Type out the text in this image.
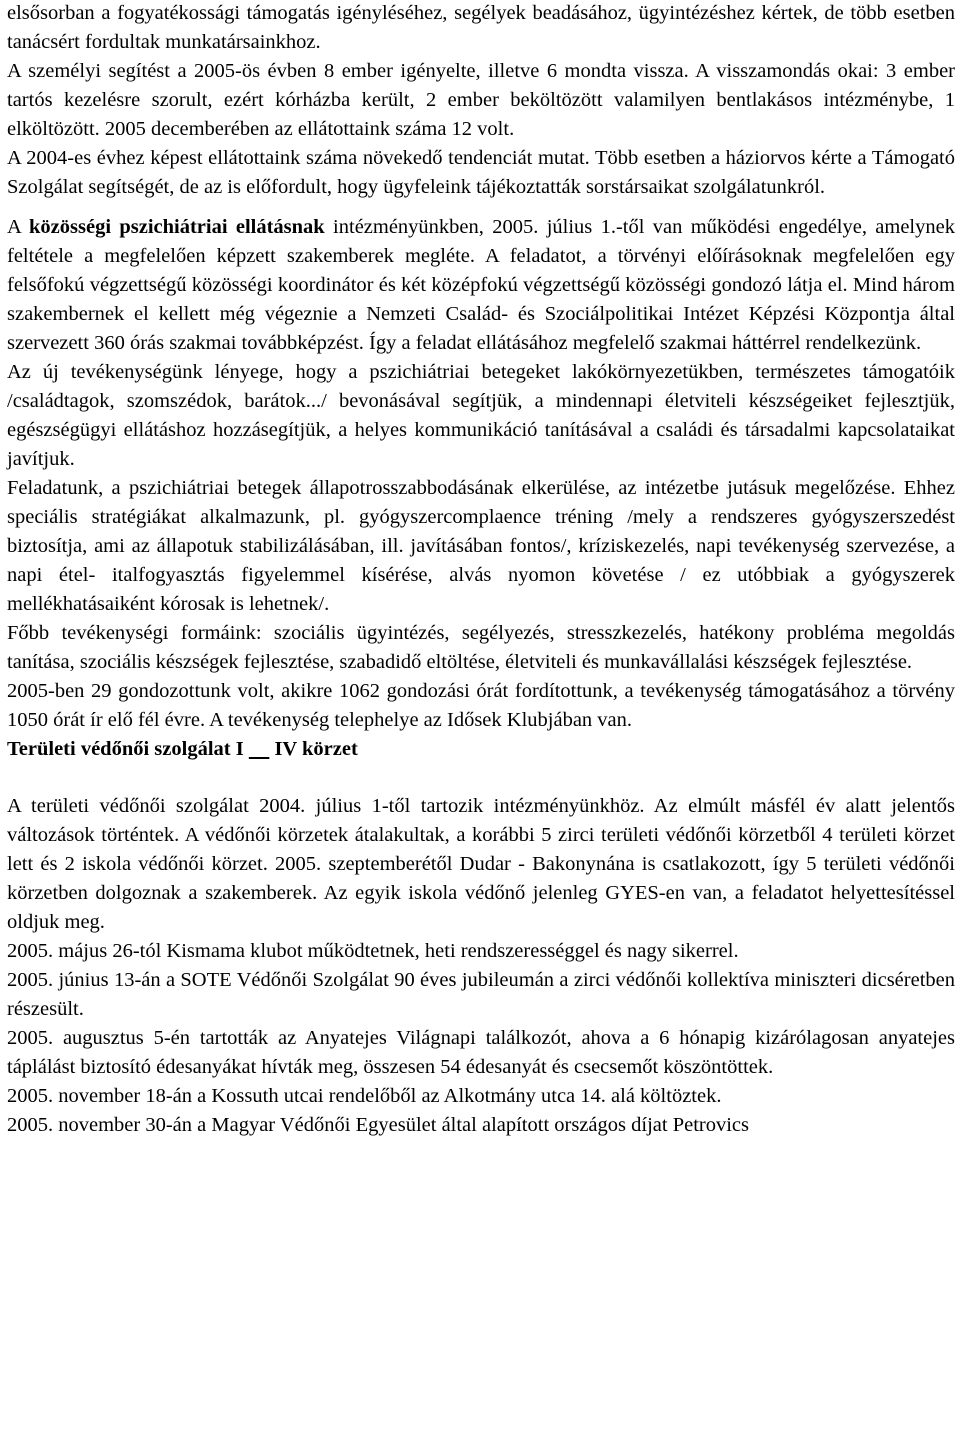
elsősorban a fogyatékossági támogatás igényléséhez, segélyek beadásához, ügyintézéshez kértek, de több esetben tanácsért fordultak munkatársainkhoz.

A személyi segítést a 2005-ös évben 8 ember igényelte, illetve 6 mondta vissza. A visszamondás okai: 3 ember tartós kezelésre szorult, ezért kórházba került, 2 ember beköltözött valamilyen bentlakásos intézménybe, 1 elköltözött. 2005 decemberében az ellátottaink száma 12 volt.

A 2004-es évhez képest ellátottaink száma növekedő tendenciát mutat. Több esetben a háziorvos kérte a Támogató Szolgálat segítségét, de az is előfordult, hogy ügyfeleink tájékoztatták sorstársaikat szolgálatunkról.

A közösségi pszichiátriai ellátásnak intézményünkben, 2005. július 1.-től van működési engedélye, amelynek feltétele a megfelelően képzett szakemberek megléte. A feladatot, a törvényi előírásoknak megfelelően egy felsőfokú végzettségű közösségi koordinátor és két középfokú végzettségű közösségi gondozó látja el. Mind három szakembernek el kellett még végeznie a Nemzeti Család- és Szociálpolitikai Intézet Képzési Központja által szervezett 360 órás szakmai továbbképzést. Így a feladat ellátásához megfelelő szakmai háttérrel rendelkezünk.

Az új tevékenységünk lényege, hogy a pszichiátriai betegeket lakókörnyezetükben, természetes támogatóik /családtagok, szomszédok, barátok.../ bevonásával segítjük, a mindennapi életviteli készségeiket fejlesztjük, egészségügyi ellátáshoz hozzásegítjük, a helyes kommunikáció tanításával a családi és társadalmi kapcsolataikat javítjuk.

Feladatunk, a pszichiátriai betegek állapotrosszabbodásának elkerülése, az intézetbe jutásuk megelőzése. Ehhez speciális stratégiákat alkalmazunk, pl. gyógyszercomplaence tréning /mely a rendszeres gyógyszerszedést biztosítja, ami az állapotuk stabilizálásában, ill. javításában fontos/, kríziskezelés, napi tevékenység szervezése, a napi étel- italfogyasztás figyelemmel kísérése, alvás nyomon követése / ez utóbbiak a gyógyszerek mellékhatásaiként kórosak is lehetnek/.

Főbb tevékenységi formáink: szociális ügyintézés, segélyezés, stresszkezelés, hatékony probléma megoldás tanítása, szociális készségek fejlesztése, szabadidő eltöltése, életviteli és munkavállalási készségek fejlesztése.

2005-ben 29 gondozottunk volt, akikre 1062 gondozási órát fordítottunk, a tevékenység támogatásához a törvény 1050 órát ír elő fél évre. A tevékenység telephelye az Idősek Klubjában van.

Területi védőnői szolgálat I      IV körzet

A területi védőnői szolgálat 2004. július 1-től tartozik intézményünkhöz. Az elmúlt másfél év alatt jelentős változások történtek. A védőnői körzetek átalakultak, a korábbi 5 zirci területi védőnői körzetből 4 területi körzet lett és 2 iskola védőnői körzet. 2005. szeptemberétől Dudar - Bakonynána is csatlakozott, így 5 területi védőnői körzetben dolgoznak a szakemberek. Az egyik iskola védőnő jelenleg GYES-en van, a feladatot helyettesítéssel oldjuk meg.

2005. május 26-tól Kismama klubot működtetnek, heti rendszerességgel és nagy sikerrel.

2005. június 13-án a SOTE Védőnői Szolgálat 90 éves jubileumán a zirci védőnői kollektíva miniszteri dicséretben részesült.

2005. augusztus 5-én tartották az Anyatejes Világnapi találkozót, ahova a 6 hónapig kizárólagosan anyatejes táplálást biztosító édesanyákat hívták meg, összesen 54 édesanyát és csecsemőt köszöntöttek.

2005. november 18-án a Kossuth utcai rendelőből az Alkotmány utca 14. alá költöztek.

2005. november 30-án a Magyar Védőnői Egyesület által alapított országos díjat Petrovics
